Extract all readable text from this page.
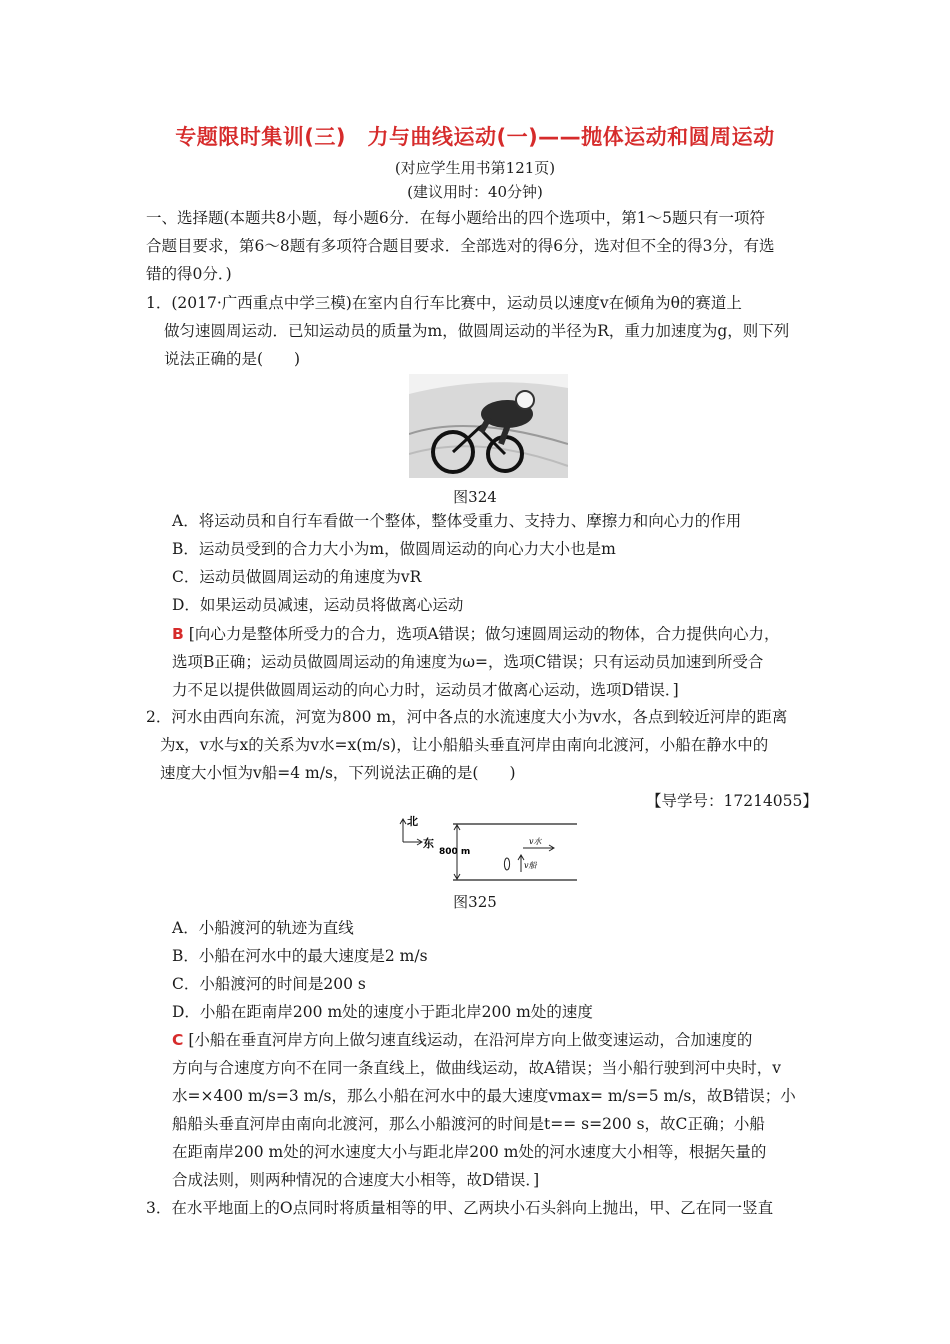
专题限时集训(三)　力与曲线运动(一)——抛体运动和圆周运动
(对应学生用书第121页)
(建议用时：40分钟)
一、选择题(本题共8小题，每小题6分．在每小题给出的四个选项中，第1～5题只有一项符
合题目要求，第6～8题有多项符合题目要求．全部选对的得6分，选对但不全的得3分，有选
错的得0分．)
1．(2017·广西重点中学三模)在室内自行车比赛中，运动员以速度v在倾角为θ的赛道上
做匀速圆周运动．已知运动员的质量为m，做圆周运动的半径为R，重力加速度为g，则下列
说法正确的是(　　)
图324
A．将运动员和自行车看做一个整体，整体受重力、支持力、摩擦力和向心力的作用
B．运动员受到的合力大小为m，做圆周运动的向心力大小也是m
C．运动员做圆周运动的角速度为vR
D．如果运动员减速，运动员将做离心运动
B [向心力是整体所受力的合力，选项A错误；做匀速圆周运动的物体，合力提供向心力，
选项B正确；运动员做圆周运动的角速度为ω=，选项C错误；只有运动员加速到所受合
力不足以提供做圆周运动的向心力时，运动员才做离心运动，选项D错误．]
2．河水由西向东流，河宽为800 m，河中各点的水流速度大小为v水，各点到较近河岸的距离
为x，v水与x的关系为v水=x(m/s)，让小船船头垂直河岸由南向北渡河，小船在静水中的
速度大小恒为v船=4 m/s，下列说法正确的是(　　)
【导学号：17214055】
北
东
800 m
v水
v船
图325
A．小船渡河的轨迹为直线
B．小船在河水中的最大速度是2 m/s
C．小船渡河的时间是200 s
D．小船在距南岸200 m处的速度小于距北岸200 m处的速度
C [小船在垂直河岸方向上做匀速直线运动，在沿河岸方向上做变速运动，合加速度的
方向与合速度方向不在同一条直线上，做曲线运动，故A错误；当小船行驶到河中央时，v
水=×400 m/s=3 m/s，那么小船在河水中的最大速度vmax= m/s=5 m/s，故B错误；小
船船头垂直河岸由南向北渡河，那么小船渡河的时间是t== s=200 s，故C正确；小船
在距南岸200 m处的河水速度大小与距北岸200 m处的河水速度大小相等，根据矢量的
合成法则，则两种情况的合速度大小相等，故D错误．]
3．在水平地面上的O点同时将质量相等的甲、乙两块小石头斜向上抛出，甲、乙在同一竖直
